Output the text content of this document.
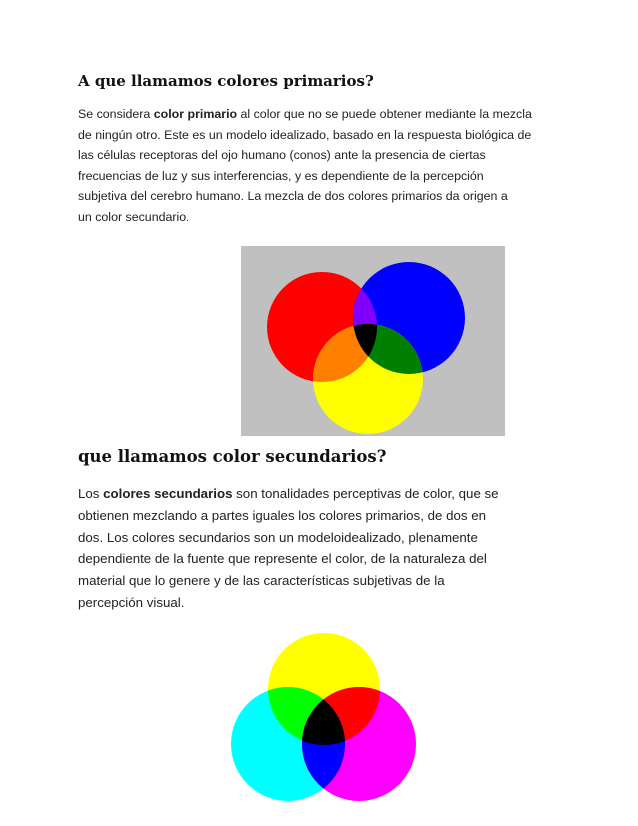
A que llamamos colores primarios?

Se considera color primario al color que no se puede obtener mediante la mezcla
de ningún otro. Este es un modelo idealizado, basado en la respuesta biológica de
las células receptoras del ojo humano (conos) ante la presencia de ciertas
frecuencias de luz y sus interferencias, y es dependiente de la percepción
subjetiva del cerebro humano. La mezcla de dos colores primarios da origen a
un color secundario.

que llamamos color secundarios?

Los colores secundarios son tonalidades perceptivas de color, que se
obtienen mezclando a partes iguales los colores primarios, de dos en
dos. Los colores secundarios son un modeloidealizado, plenamente
dependiente de la fuente que represente el color, de la naturaleza del
material que lo genere y de las características subjetivas de la
percepción visual.
